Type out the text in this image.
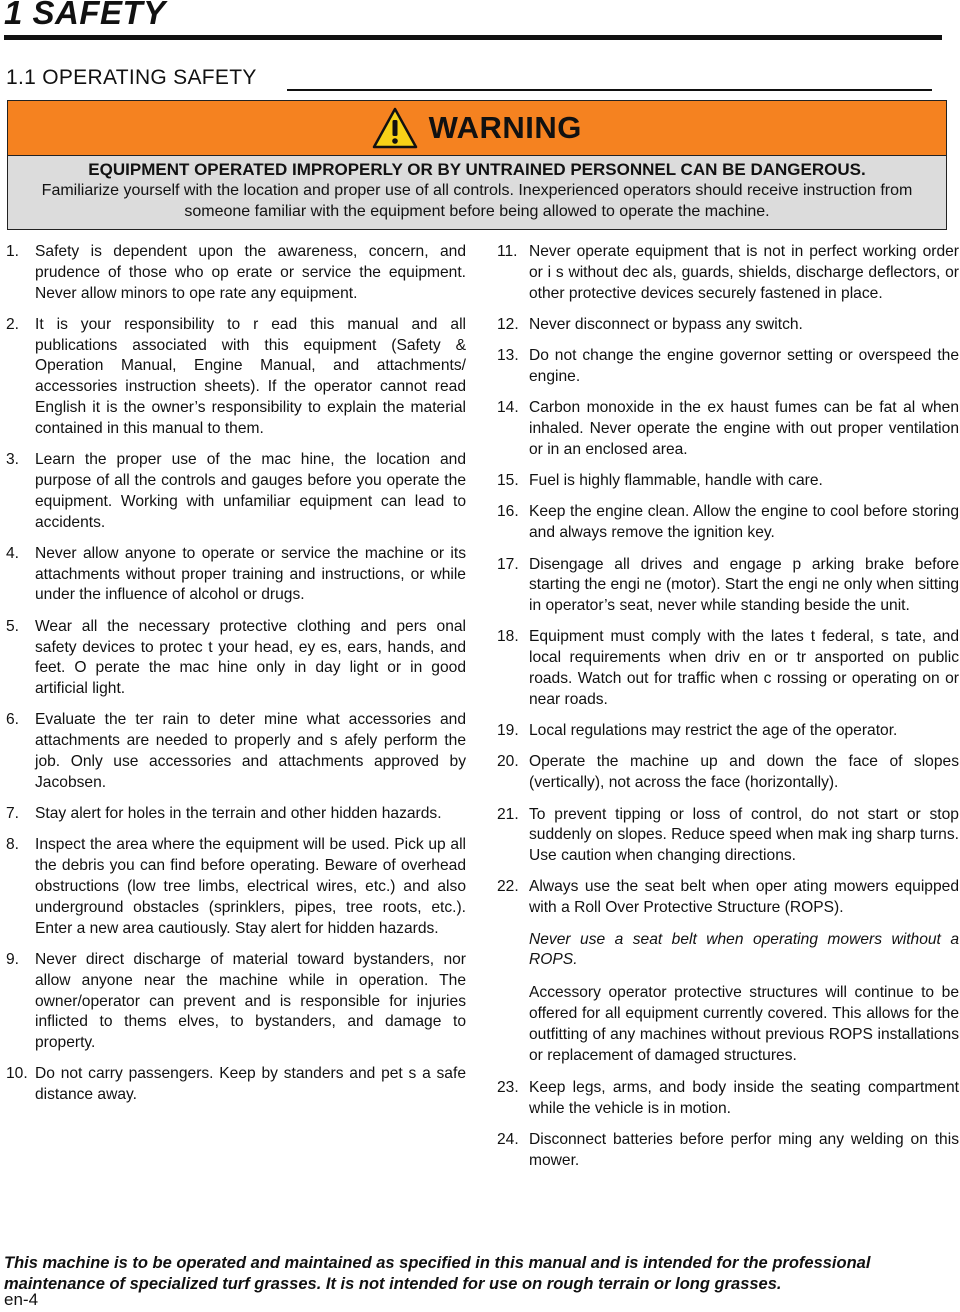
1 SAFETY
1.1 OPERATING SAFETY
WARNING
EQUIPMENT OPERATED IMPROPERLY OR BY UNTRAINED PERSONNEL CAN BE DANGEROUS.
Familiarize yourself with the location and proper use of all controls. Inexperienced operators should receive instruction from someone familiar with the equipment before being allowed to operate the machine.
1. Safety is dependent upon the awareness, concern, and prudence of those who op erate or service the equipment. Never allow minors to ope rate any equipment.
2. It is your responsibility to r ead this manual and all publications associated with this equipment (Safety & Operation Manual, Engine Manual, and attachments/ accessories instruction sheets). If the operator cannot read English it is the owner’s responsibility to explain the material contained in this manual to them.
3. Learn the proper use of the mac hine, the location and purpose of all the controls and gauges before you operate the equipment. Working with unfamiliar equipment can lead to accidents.
4. Never allow anyone to operate or service the machine or its attachments without proper training and instructions, or while under the influence of alcohol or drugs.
5. Wear all the necessary protective clothing and pers onal safety devices to protec t your head, ey es, ears, hands, and feet. O perate the mac hine only in day light or in good artificial light.
6. Evaluate the ter rain to deter mine what accessories and attachments are needed to properly and s afely perform the job. Only use accessories and attachments approved by Jacobsen.
7. Stay alert for holes in the terrain and other hidden hazards.
8. Inspect the area where the equipment will be used. Pick up all the debris you can find before operating. Beware of overhead obstructions (low tree limbs, electrical wires, etc.) and also underground obstacles (sprinklers, pipes, tree roots, etc.). Enter a new area cautiously. Stay alert for hidden hazards.
9. Never direct discharge of material toward bystanders, nor allow anyone near the machine while in operation. The owner/operator can prevent and is responsible for injuries inflicted to thems elves, to bystanders, and damage to property.
10. Do not carry passengers. Keep by standers and pet s a safe distance away.
11. Never operate equipment that is not in perfect working order or i s without dec als, guards, shields, discharge deflectors, or other protective devices securely fastened in place.
12. Never disconnect or bypass any switch.
13. Do not change the engine governor setting or overspeed the engine.
14. Carbon monoxide in the ex haust fumes can be fat al when inhaled. Never operate the engine with out proper ventilation or in an enclosed area.
15. Fuel is highly flammable, handle with care.
16. Keep the engine clean. Allow the engine to cool before storing and always remove the ignition key.
17. Disengage all drives and engage p arking brake before starting the engi ne (motor). Start the engi ne only when sitting in operator’s seat, never while standing beside the unit.
18. Equipment must comply with the lates t federal, s tate, and local requirements when driv en or tr ansported on public roads. Watch out for traffic when c rossing or operating on or near roads.
19. Local regulations may restrict the age of the operator.
20. Operate the machine up and down the face of slopes (vertically), not across the face (horizontally).
21. To prevent tipping or loss of control, do not start or stop suddenly on slopes. Reduce speed when mak ing sharp turns. Use caution when changing directions.
22. Always use the seat belt when oper ating mowers equipped with a Roll Over Protective Structure (ROPS).
Never use a seat belt when operating mowers without a ROPS.
Accessory operator protective structures will continue to be offered for all equipment currently covered. This allows for the outfitting of any machines without previous ROPS installations or replacement of damaged structures.
23. Keep legs, arms, and body inside the seating compartment while the vehicle is in motion.
24. Disconnect batteries before perfor ming any welding on this mower.
This machine is to be operated and maintained as specified in this manual and is intended for the professional maintenance of specialized turf grasses. It is not intended for use on rough terrain or long grasses.
en-4
